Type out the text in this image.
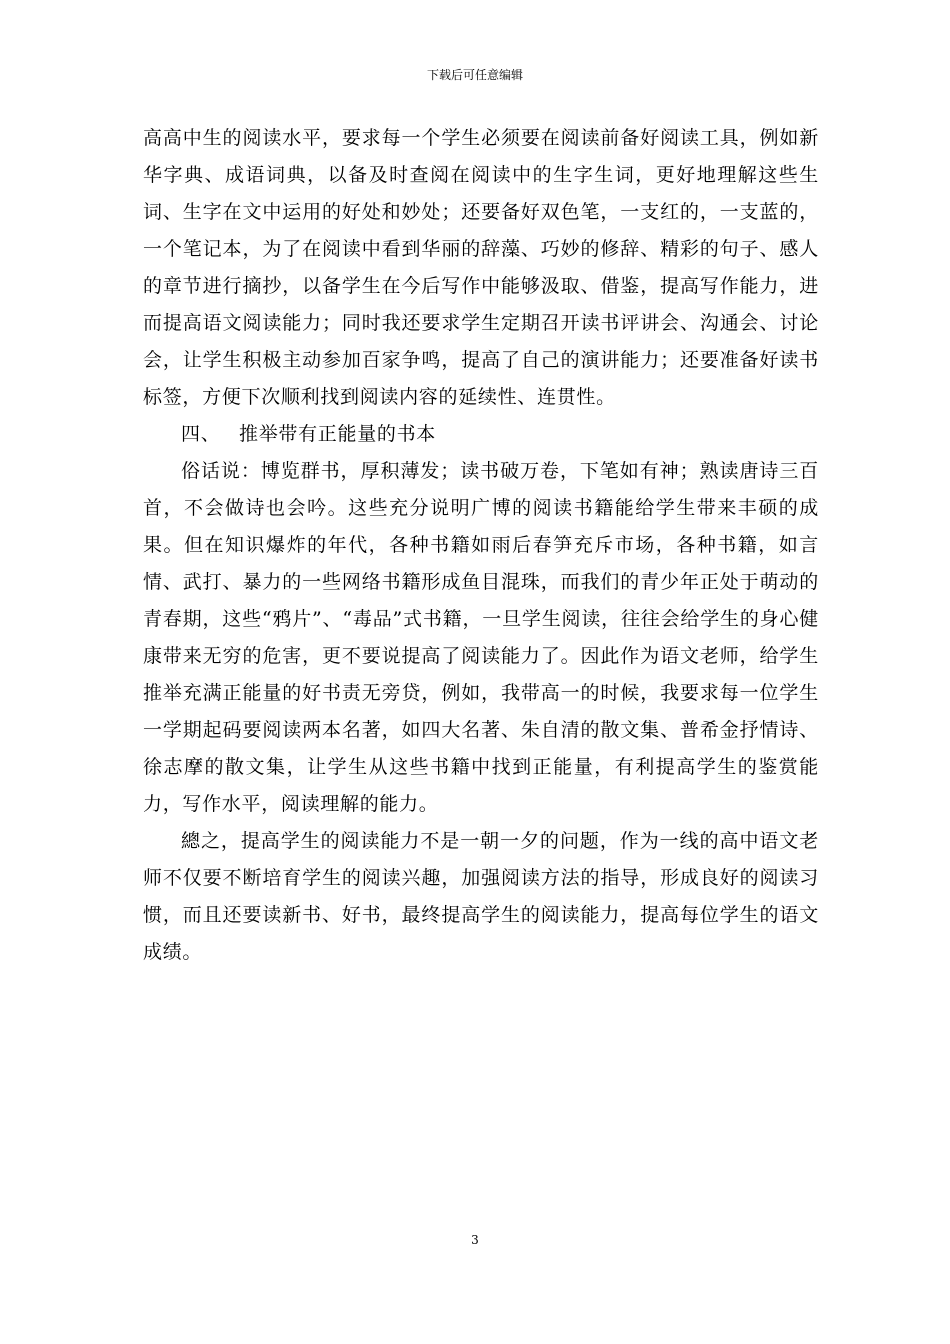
下载后可任意编辑

高高中生的阅读水平，要求每一个学生必须要在阅读前备好阅读工具，例如新华字典、成语词典，以备及时查阅在阅读中的生字生词，更好地理解这些生词、生字在文中运用的好处和妙处；还要备好双色笔，一支红的，一支蓝的，一个笔记本，为了在阅读中看到华丽的辞藻、巧妙的修辞、精彩的句子、感人的章节进行摘抄，以备学生在今后写作中能够汲取、借鉴，提高写作能力，进而提高语文阅读能力；同时我还要求学生定期召开读书评讲会、沟通会、讨论会，让学生积极主动参加百家争鸣，提高了自己的演讲能力；还要准备好读书标签，方便下次顺利找到阅读内容的延续性、连贯性。

四、 推举带有正能量的书本

俗话说：博览群书，厚积薄发；读书破万卷，下笔如有神；熟读唐诗三百首，不会做诗也会吟。这些充分说明广博的阅读书籍能给学生带来丰硕的成果。但在知识爆炸的年代，各种书籍如雨后春笋充斥市场，各种书籍，如言情、武打、暴力的一些网络书籍形成鱼目混珠，而我们的青少年正处于萌动的青春期，这些“鸦片”、“毒品”式书籍，一旦学生阅读，往往会给学生的身心健康带来无穷的危害，更不要说提高了阅读能力了。因此作为语文老师，给学生推举充满正能量的好书责无旁贷，例如，我带高一的时候，我要求每一位学生一学期起码要阅读两本名著，如四大名著、朱自清的散文集、普希金抒情诗、徐志摩的散文集，让学生从这些书籍中找到正能量，有利提高学生的鉴赏能力，写作水平，阅读理解的能力。

總之，提高学生的阅读能力不是一朝一夕的问题，作为一线的高中语文老师不仅要不断培育学生的阅读兴趣，加强阅读方法的指导，形成良好的阅读习惯，而且还要读新书、好书，最终提高学生的阅读能力，提高每位学生的语文成绩。

3
